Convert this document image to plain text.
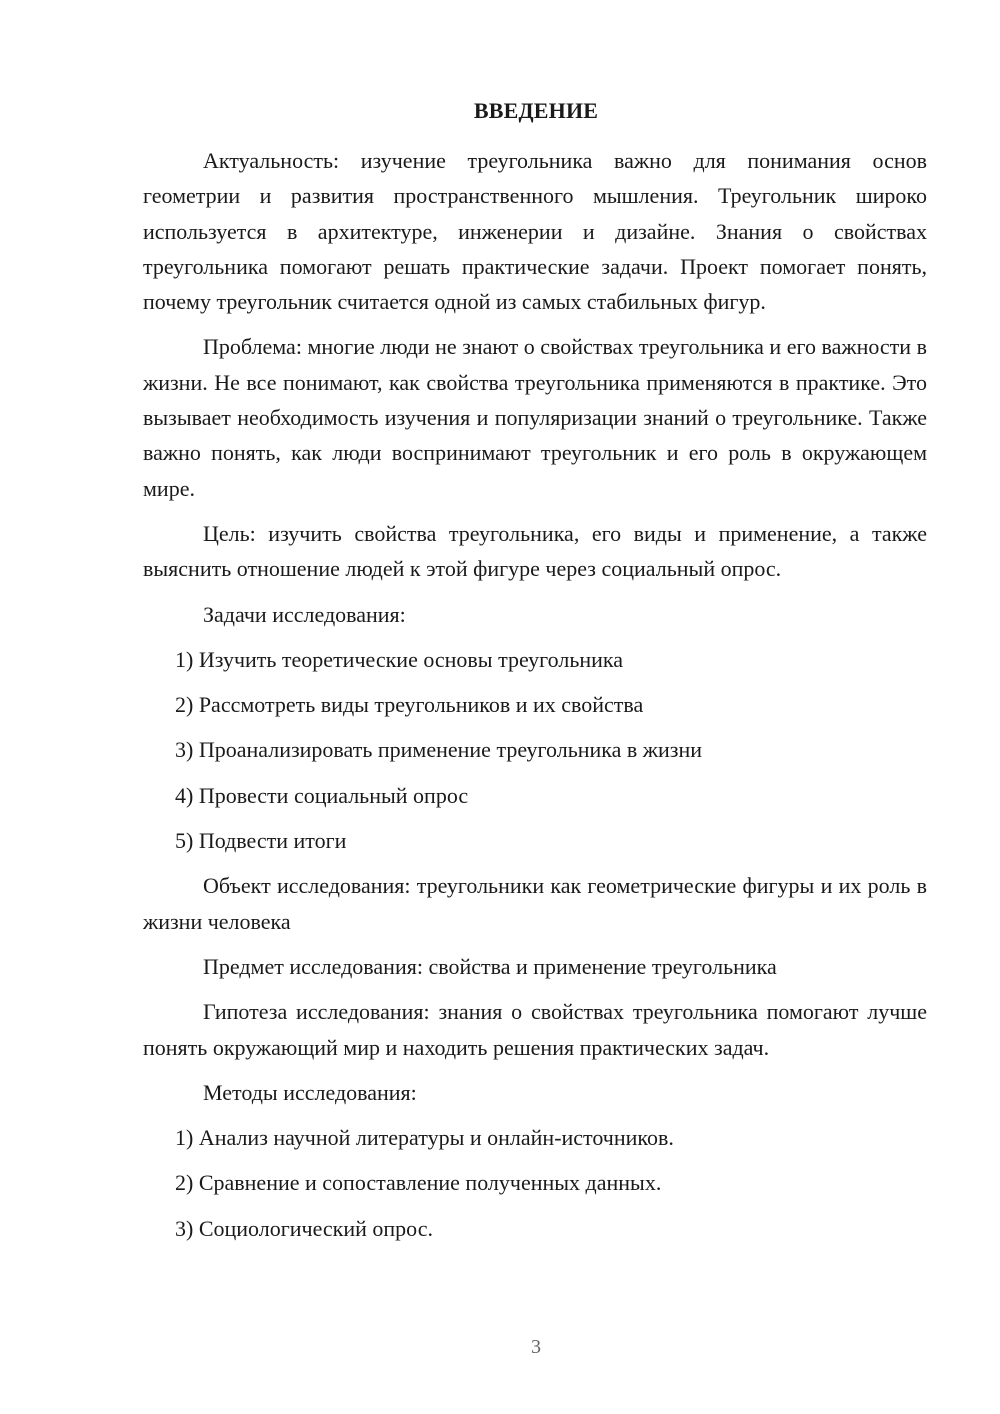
ВВЕДЕНИЕ

Актуальность: изучение треугольника важно для понимания основ геометрии и развития пространственного мышления. Треугольник широко используется в архитектуре, инженерии и дизайне. Знания о свойствах треугольника помогают решать практические задачи. Проект помогает понять, почему треугольник считается одной из самых стабильных фигур.

Проблема: многие люди не знают о свойствах треугольника и его важности в жизни. Не все понимают, как свойства треугольника применяются в практике. Это вызывает необходимость изучения и популяризации знаний о треугольнике. Также важно понять, как люди воспринимают треугольник и его роль в окружающем мире.

Цель: изучить свойства треугольника, его виды и применение, а также выяснить отношение людей к этой фигуре через социальный опрос.

Задачи исследования:

1) Изучить теоретические основы треугольника
2) Рассмотреть виды треугольников и их свойства
3) Проанализировать применение треугольника в жизни
4) Провести социальный опрос
5) Подвести итоги

Объект исследования: треугольники как геометрические фигуры и их роль в жизни человека

Предмет исследования: свойства и применение треугольника

Гипотеза исследования: знания о свойствах треугольника помогают лучше понять окружающий мир и находить решения практических задач.

Методы исследования:

1) Анализ научной литературы и онлайн-источников.
2) Сравнение и сопоставление полученных данных.
3) Социологический опрос.
3
